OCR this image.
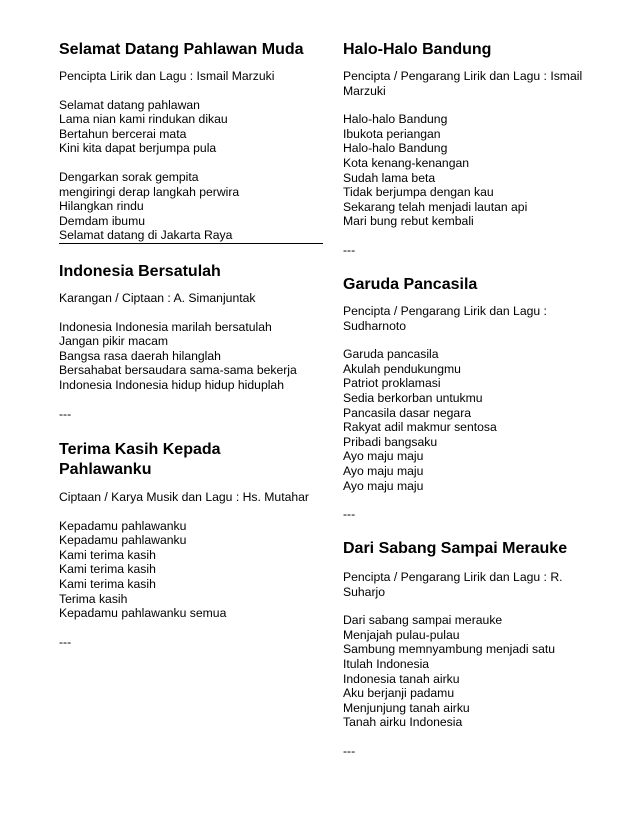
Selamat Datang Pahlawan Muda
Pencipta Lirik dan Lagu : Ismail Marzuki
Selamat datang pahlawan
Lama nian kami rindukan dikau
Bertahun bercerai mata
Kini kita dapat berjumpa pula
Dengarkan sorak gempita
mengiringi derap langkah perwira
Hilangkan rindu
Demdam ibumu
Selamat datang di Jakarta Raya
Indonesia Bersatulah
Karangan / Ciptaan : A. Simanjuntak
Indonesia Indonesia marilah bersatulah
Jangan pikir macam
Bangsa rasa daerah hilanglah
Bersahabat bersaudara sama-sama bekerja
Indonesia Indonesia hidup hidup hiduplah
---
Terima Kasih Kepada Pahlawanku
Ciptaan / Karya Musik dan Lagu : Hs. Mutahar
Kepadamu pahlawanku
Kepadamu pahlawanku
Kami terima kasih
Kami terima kasih
Kami terima kasih
Terima kasih
Kepadamu pahlawanku semua
---
Halo-Halo Bandung
Pencipta / Pengarang Lirik dan Lagu : Ismail Marzuki
Halo-halo Bandung
Ibukota periangan
Halo-halo Bandung
Kota kenang-kenangan
Sudah lama beta
Tidak berjumpa dengan kau
Sekarang telah menjadi lautan api
Mari bung rebut kembali
---
Garuda Pancasila
Pencipta / Pengarang Lirik dan Lagu : Sudharnoto
Garuda pancasila
Akulah pendukungmu
Patriot proklamasi
Sedia berkorban untukmu
Pancasila dasar negara
Rakyat adil makmur sentosa
Pribadi bangsaku
Ayo maju maju
Ayo maju maju
Ayo maju maju
---
Dari Sabang Sampai Merauke
Pencipta / Pengarang Lirik dan Lagu : R. Suharjo
Dari sabang sampai merauke
Menjajah pulau-pulau
Sambung memnyambung menjadi satu
Itulah Indonesia
Indonesia tanah airku
Aku berjanji padamu
Menjunjung tanah airku
Tanah airku Indonesia
---
